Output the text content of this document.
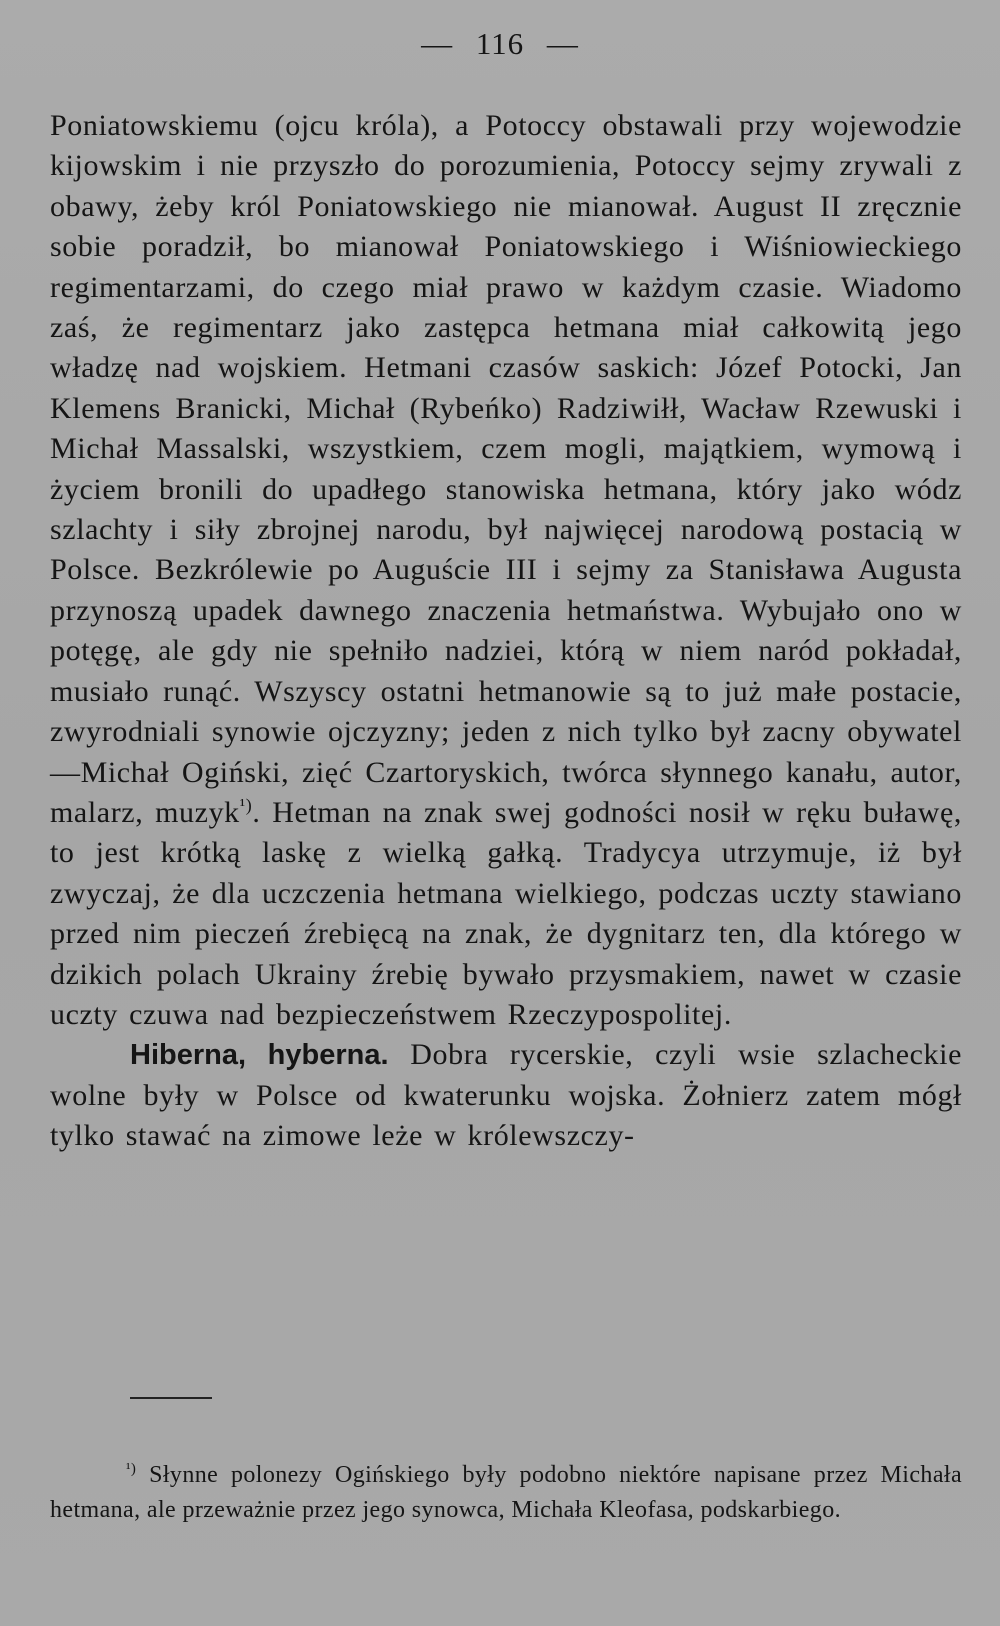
— 116 —

Poniatowskiemu (ojcu króla), a Potoccy obstawali przy wojewodzie kijowskim i nie przyszło do porozumienia, Potoccy sejmy zrywali z obawy, żeby król Poniatowskiego nie mianował. August II zręcznie sobie poradził, bo mianował Poniatowskiego i Wiśniowieckiego regimentarzami, do czego miał prawo w każdym czasie. Wiadomo zaś, że regimentarz jako zastępca hetmana miał całkowitą jego władzę nad wojskiem. Hetmani czasów saskich: Józef Potocki, Jan Klemens Branicki, Michał (Rybeńko) Radziwiłł, Wacław Rzewuski i Michał Massalski, wszystkiem, czem mogli, majątkiem, wymową i życiem bronili do upadłego stanowiska hetmana, który jako wódz szlachty i siły zbrojnej narodu, był najwięcej narodową postacią w Polsce. Bezkrólewie po Auguście III i sejmy za Stanisława Augusta przynoszą upadek dawnego znaczenia hetmaństwa. Wybujało ono w potęgę, ale gdy nie spełniło nadziei, którą w niem naród pokładał, musiało runąć. Wszyscy ostatni hetmanowie są to już małe postacie, zwyrodniali synowie ojczyzny; jeden z nich tylko był zacny obywatel—Michał Ogiński, zięć Czartoryskich, twórca słynnego kanału, autor, malarz, muzyk$^{^1)}$. Hetman na znak swej godności nosił w ręku buławę, to jest krótką laskę z wielką gałką. Tradycya utrzymuje, iż był zwyczaj, że dla uczczenia hetmana wielkiego, podczas uczty stawiano przed nim pieczeń źrebięcą na znak, że dygnitarz ten, dla którego w dzikich polach Ukrainy źrebię bywało przysmakiem, nawet w czasie uczty czuwa nad bezpieczeństwem Rzeczypospolitej.

Hiberna, hyberna. Dobra rycerskie, czyli wsie szlacheckie wolne były w Polsce od kwaterunku wojska. Żołnierz zatem mógł tylko stawać na zimowe leże w królewszczy-

$^{^1)}$ Słynne polonezy Ogińskiego były podobno niektóre napisane przez Michała hetmana, ale przeważnie przez jego synowca, Michała Kleofasa, podskarbiego.
